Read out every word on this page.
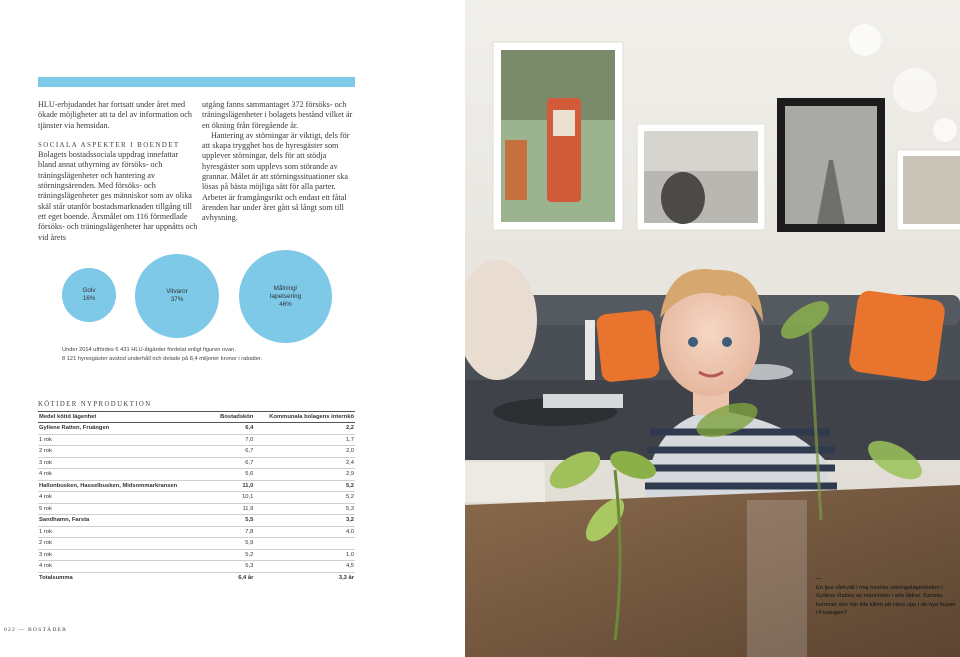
HLU-erbjudandet har fortsatt under året med ökade möjligheter att ta del av information och tjänster via hemsidan.

SOCIALA ASPEKTER I BOENDET

Bolagets bostadssociala uppdrag innefattar bland annat uthyrning av försöks- och träningslägenheter och hantering av störningsärenden. Med försöks- och träningslägenheter ges människor som av olika skäl står utanför bostadsmarknaden tillgång till ett eget boende. Årsmålet om 116 förmedlade försöks- och träningslägenheter har uppnåtts och vid årets

utgång fanns sammantaget 372 försöks- och träningslägenheter i bolagets bestånd vilket är en ökning från föregående år.

Hantering av störningar är viktigt, dels för att skapa trygghet hos de hyresgäster som upplever störningar, dels för att stödja hyresgäster som upplevs som störande av grannar. Målet är att störningssituationer ska lösas på bästa möjliga sätt för alla parter. Arbetet är framgångsrikt och endast ett fåtal ärenden har under året gått så långt som till avhysning.

Golv
16%
Vitvaror
37%
Målning/ tapetsering
46%
Under 2014 utfördes 6 431 HLU-åtgärder fördelat enligt figuren ovan.
8 121 hyresgäster avstod underhåll och delade på 8,4 miljoner kronor i rabatter.
KÖTIDER NYPRODUKTION
Medel kötid lägenhet	Bostadskön	Kommunala bolagens internkö
Gyllene Ratten, Fruängen	6,4	2,2
1 rok	7,0	1,7
2 rok	6,7	2,0
3 rok	6,7	2,4
4 rok	5,6	2,9
Hallonbusken, Hasselbusken, Midsommarkransen	11,0	5,2
4 rok	10,1	5,2
5 rok	11,9	5,3
Sandhamn, Farsta	5,5	3,2
1 rok	7,8	4,0
2 rok	5,9	
3 rok	5,2	1,0
4 rok	5,3	4,5
Totalsumma	6,4 år	3,3 år
022 — BOSTÄDER
—
En ljus vårkväll i maj besöks visningslägenheten i Gyllene Ratten av människor i alla åldrar. Kanske kommer den här lilla killen att växa upp i de nya husen i Fruängen?
